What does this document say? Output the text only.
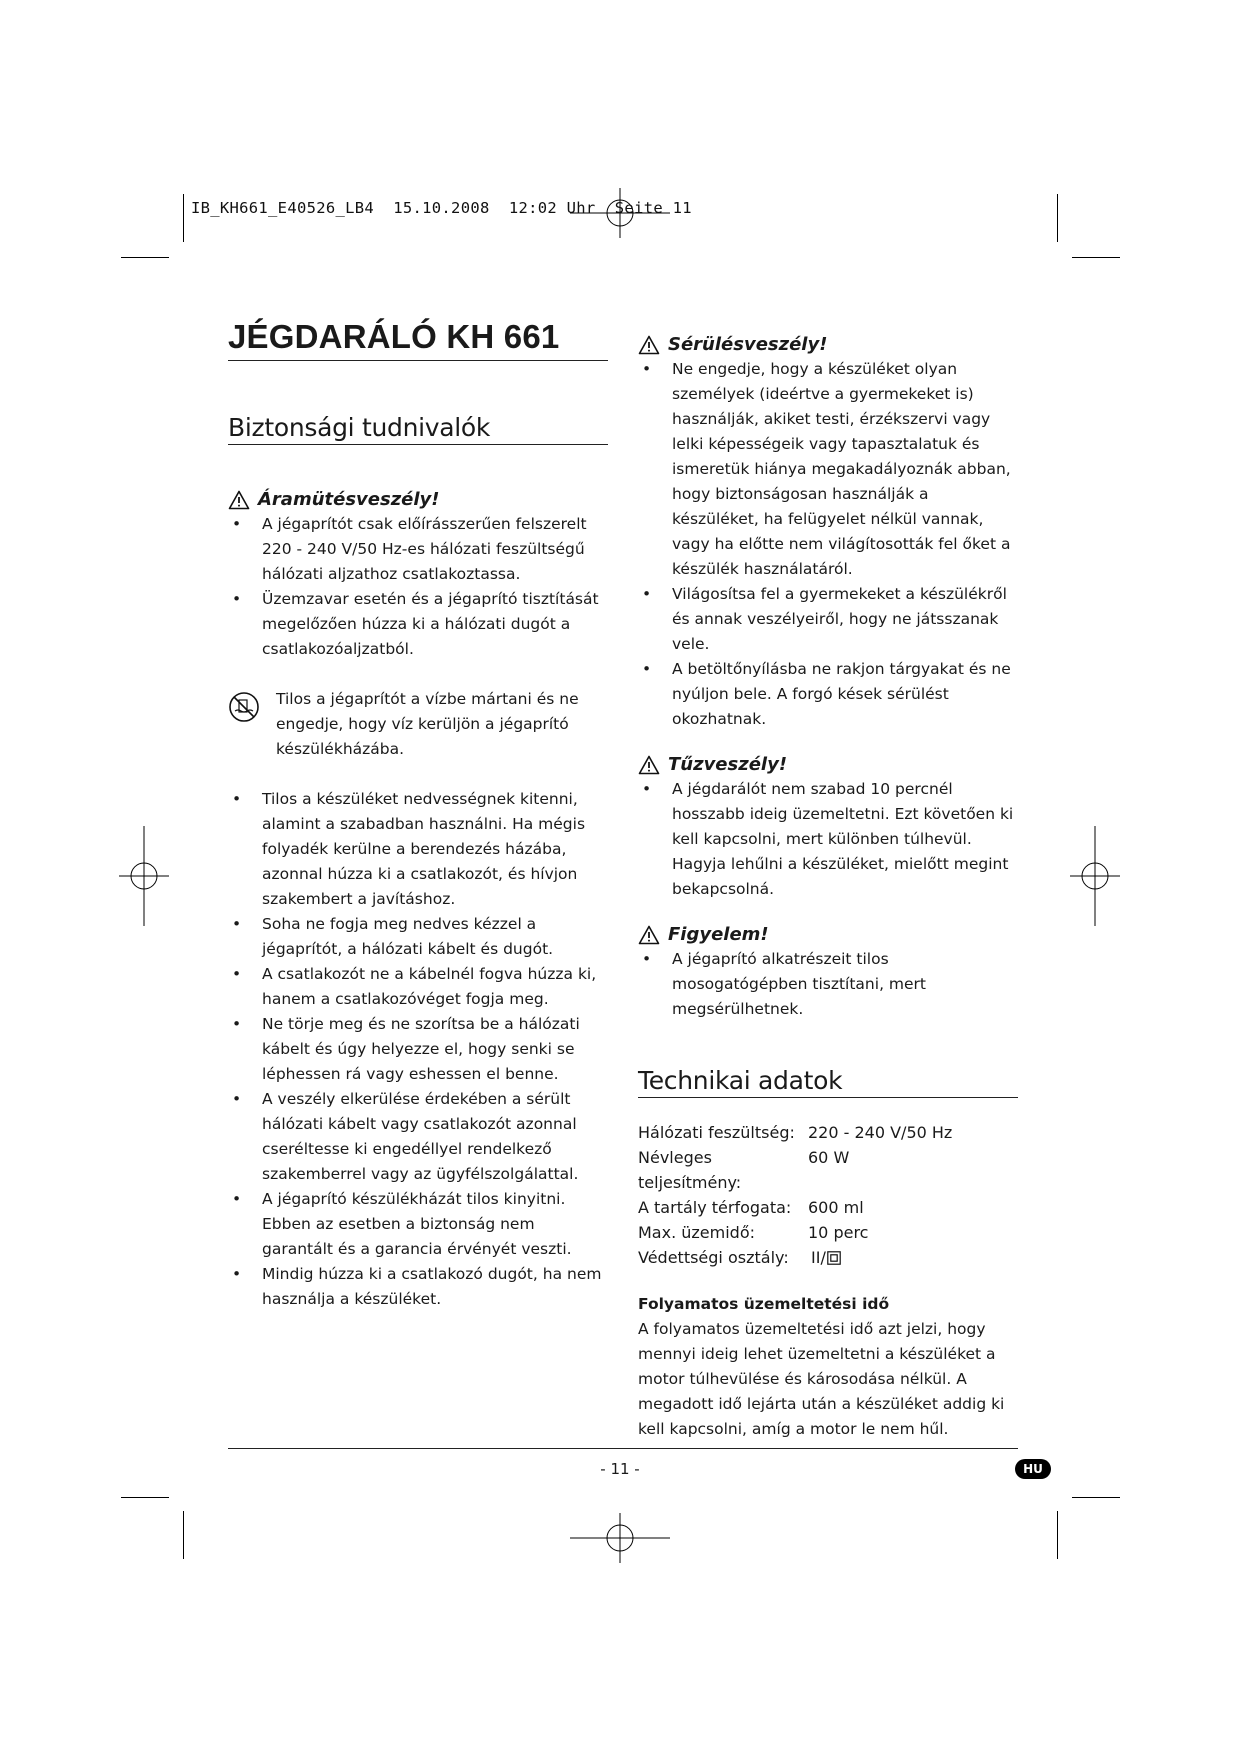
IB_KH661_E40526_LB4  15.10.2008  12:02 Uhr  Seite 11
JÉGDARÁLÓ KH 661
Biztonsági tudnivalók
Áramütésveszély!
• A jégaprítót csak előírásszerűen felszerelt 220 - 240 V/50 Hz-es hálózati feszültségű hálózati aljzathoz csatlakoztassa.
• Üzemzavar esetén és a jégaprító tisztítását megelőzően húzza ki a hálózati dugót a csatlakozóaljzatból.
Tilos a jégaprítót a vízbe mártani és ne engedje, hogy víz kerüljön a jégaprító készülékházába.
• Tilos a készüléket nedvességnek kitenni, alamint a szabadban használni. Ha mégis folyadék kerülne a berendezés házába, azonnal húzza ki a csatlakozót, és hívjon szakembert a javításhoz.
• Soha ne fogja meg nedves kézzel a jégaprítót, a hálózati kábelt és dugót.
• A csatlakozót ne a kábelnél fogva húzza ki, hanem a csatlakozóvéget fogja meg.
• Ne törje meg és ne szorítsa be a hálózati kábelt és úgy helyezze el, hogy senki se léphessen rá vagy eshessen el benne.
• A veszély elkerülése érdekében a sérült hálózati kábelt vagy csatlakozót azonnal cseréltesse ki engedéllyel rendelkező szakemberrel vagy az ügyfélszolgálattal.
• A jégaprító készülékházát tilos kinyitni. Ebben az esetben a biztonság nem garantált és a garancia érvényét veszti.
• Mindig húzza ki a csatlakozó dugót, ha nem használja a készüléket.
Sérülésveszély!
• Ne engedje, hogy a készüléket olyan személyek (ideértve a gyermekeket is) használják, akiket testi, érzékszervi vagy lelki képességeik vagy tapasztalatuk és ismeretük hiánya megakadályoznák abban, hogy biztonságosan használják a készüléket, ha felügyelet nélkül vannak, vagy ha előtte nem világítosották fel őket a készülék használatáról.
• Világosítsa fel a gyermekeket a készülékről és annak veszélyeiről, hogy ne játsszanak vele.
• A betöltőnyílásba ne rakjon tárgyakat és ne nyúljon bele. A forgó kések sérülést okozhatnak.
Tűzveszély!
• A jégdarálót nem szabad 10 percnél hosszabb ideig üzemeltetni. Ezt követően ki kell kapcsolni, mert különben túlhevül. Hagyja lehűlni a készüléket, mielőtt megint bekapcsolná.
Figyelem!
• A jégaprító alkatrészeit tilos mosogatógépben tisztítani, mert megsérülhetnek.
Technikai adatok
Hálózati feszültség: 220 - 240 V/50 Hz
Névleges teljesítmény:
60 W
A tartály térfogata:	600 ml
Max. üzemidő:	10 perc
Védettségi osztály:	II/

Folyamatos üzemeltetési idő

A folyamatos üzemeltetési idő azt jelzi, hogy mennyi ideig lehet üzemeltetni a készüléket a motor túlhevülése és károsodása nélkül. A megadott idő lejárta után a készüléket addig ki kell kapcsolni, amíg a motor le nem hűl.

- 11 -	HU
